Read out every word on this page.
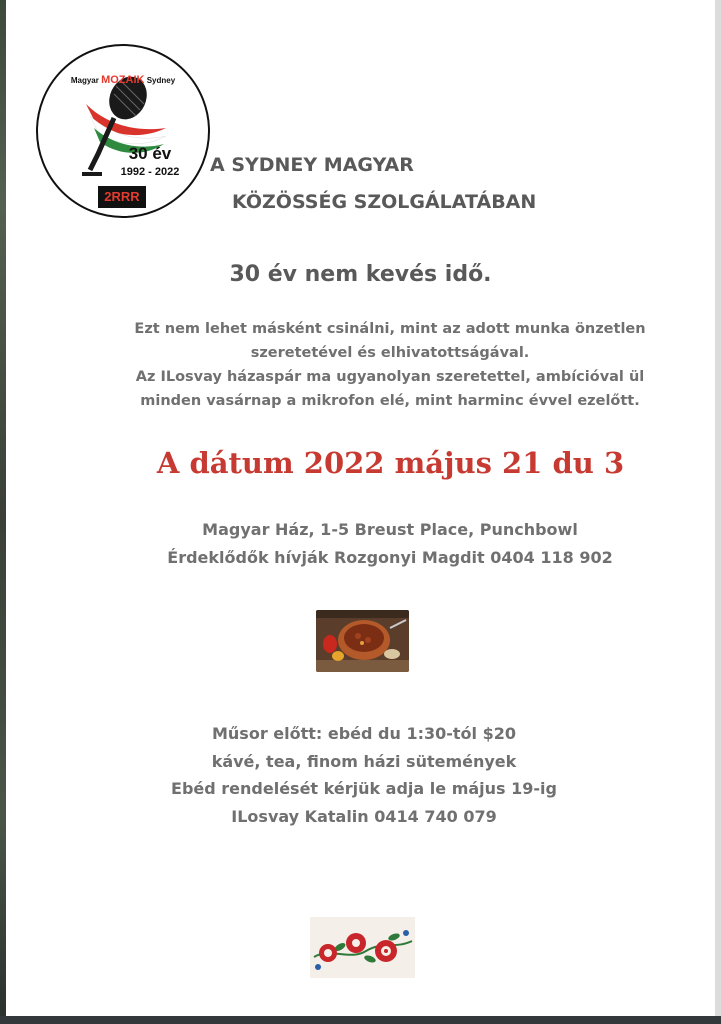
Magyar MOZAIK Sydney
30 év
1992 - 2022
2RRR
A SYDNEY MAGYAR
KÖZÖSSÉG SZOLGÁLATÁBAN
30 év nem kevés idő.

Ezt nem lehet másként csinálni, mint az adott munka önzetlen

szeretetével és elhivatottságával.

Az ILosvay házaspár ma ugyanolyan szeretettel, ambícióval ül

minden vasárnap a mikrofon elé, mint harminc évvel ezelőtt.

A dátum 2022 május 21 du 3

Magyar Ház, 1-5 Breust Place, Punchbowl

Érdeklődők hívják Rozgonyi Magdit 0404 118 902

Műsor előtt: ebéd du 1:30-tól $20

kávé, tea, finom házi sütemények

Ebéd rendelését kérjük adja le május 19-ig

ILosvay Katalin 0414 740 079
